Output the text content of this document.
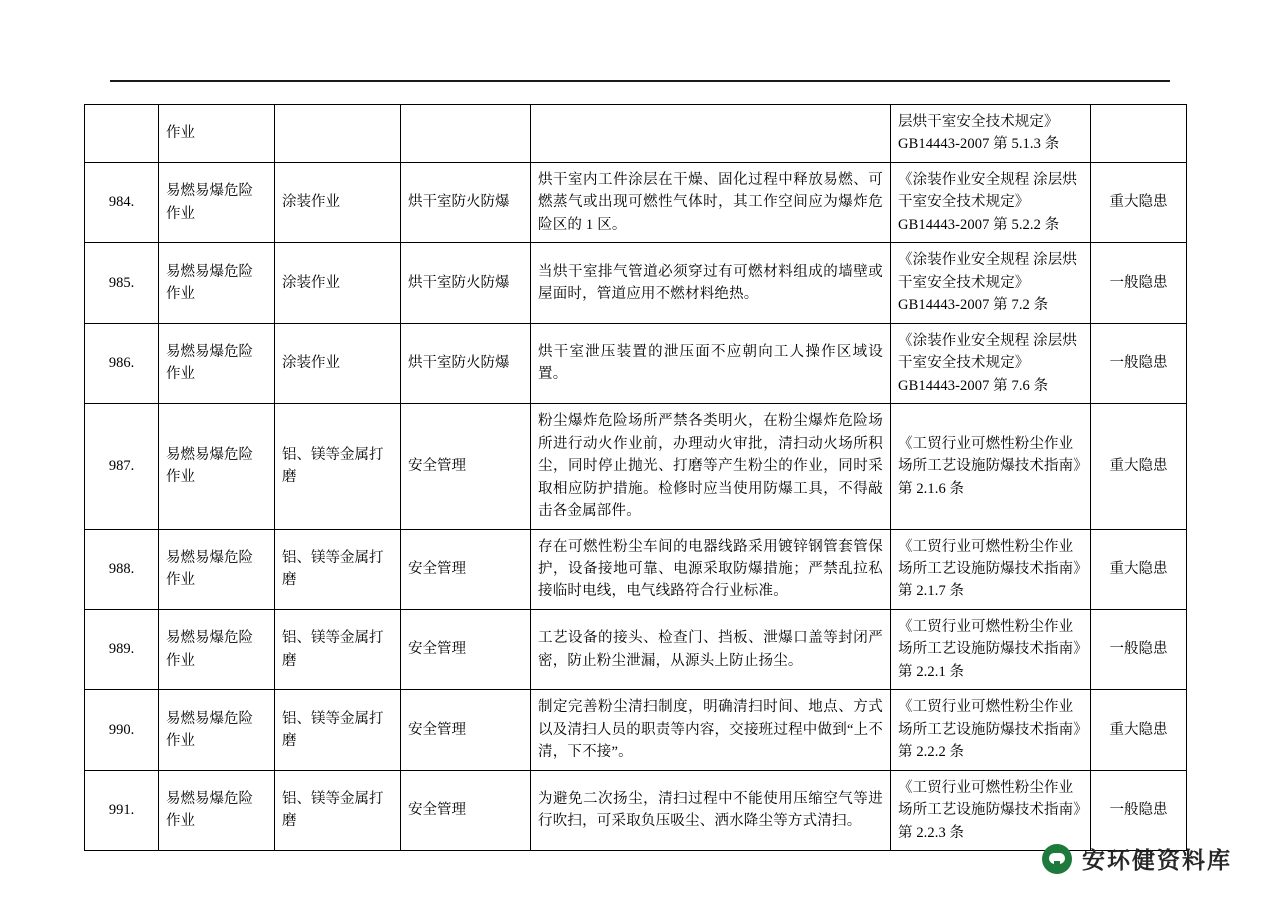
	作业				层烘干室安全技术规定》GB14443-2007 第 5.1.3 条	
984.	易燃易爆危险作业	涂装作业	烘干室防火防爆	烘干室内工件涂层在干燥、固化过程中释放易燃、可燃蒸气或出现可燃性气体时，其工作空间应为爆炸危险区的 1 区。	《涂装作业安全规程 涂层烘干室安全技术规定》GB14443-2007 第 5.2.2 条	重大隐患
985.	易燃易爆危险作业	涂装作业	烘干室防火防爆	当烘干室排气管道必须穿过有可燃材料组成的墙壁或屋面时，管道应用不燃材料绝热。	《涂装作业安全规程 涂层烘干室安全技术规定》GB14443-2007 第 7.2 条	一般隐患
986.	易燃易爆危险作业	涂装作业	烘干室防火防爆	烘干室泄压装置的泄压面不应朝向工人操作区域设置。	《涂装作业安全规程 涂层烘干室安全技术规定》GB14443-2007 第 7.6 条	一般隐患
987.	易燃易爆危险作业	铝、镁等金属打磨	安全管理	粉尘爆炸危险场所严禁各类明火，在粉尘爆炸危险场所进行动火作业前，办理动火审批，清扫动火场所积尘，同时停止抛光、打磨等产生粉尘的作业，同时采取相应防护措施。检修时应当使用防爆工具，不得敲击各金属部件。	《工贸行业可燃性粉尘作业场所工艺设施防爆技术指南》第 2.1.6 条	重大隐患
988.	易燃易爆危险作业	铝、镁等金属打磨	安全管理	存在可燃性粉尘车间的电器线路采用镀锌钢管套管保护，设备接地可靠、电源采取防爆措施；严禁乱拉私接临时电线，电气线路符合行业标准。	《工贸行业可燃性粉尘作业场所工艺设施防爆技术指南》第 2.1.7 条	重大隐患
989.	易燃易爆危险作业	铝、镁等金属打磨	安全管理	工艺设备的接头、检查门、挡板、泄爆口盖等封闭严密，防止粉尘泄漏，从源头上防止扬尘。	《工贸行业可燃性粉尘作业场所工艺设施防爆技术指南》第 2.2.1 条	一般隐患
990.	易燃易爆危险作业	铝、镁等金属打磨	安全管理	制定完善粉尘清扫制度，明确清扫时间、地点、方式以及清扫人员的职责等内容，交接班过程中做到“上不清，下不接”。	《工贸行业可燃性粉尘作业场所工艺设施防爆技术指南》第 2.2.2 条	重大隐患
991.	易燃易爆危险作业	铝、镁等金属打磨	安全管理	为避免二次扬尘，清扫过程中不能使用压缩空气等进行吹扫，可采取负压吸尘、洒水降尘等方式清扫。	《工贸行业可燃性粉尘作业场所工艺设施防爆技术指南》第 2.2.3 条	一般隐患
安环健资料库
